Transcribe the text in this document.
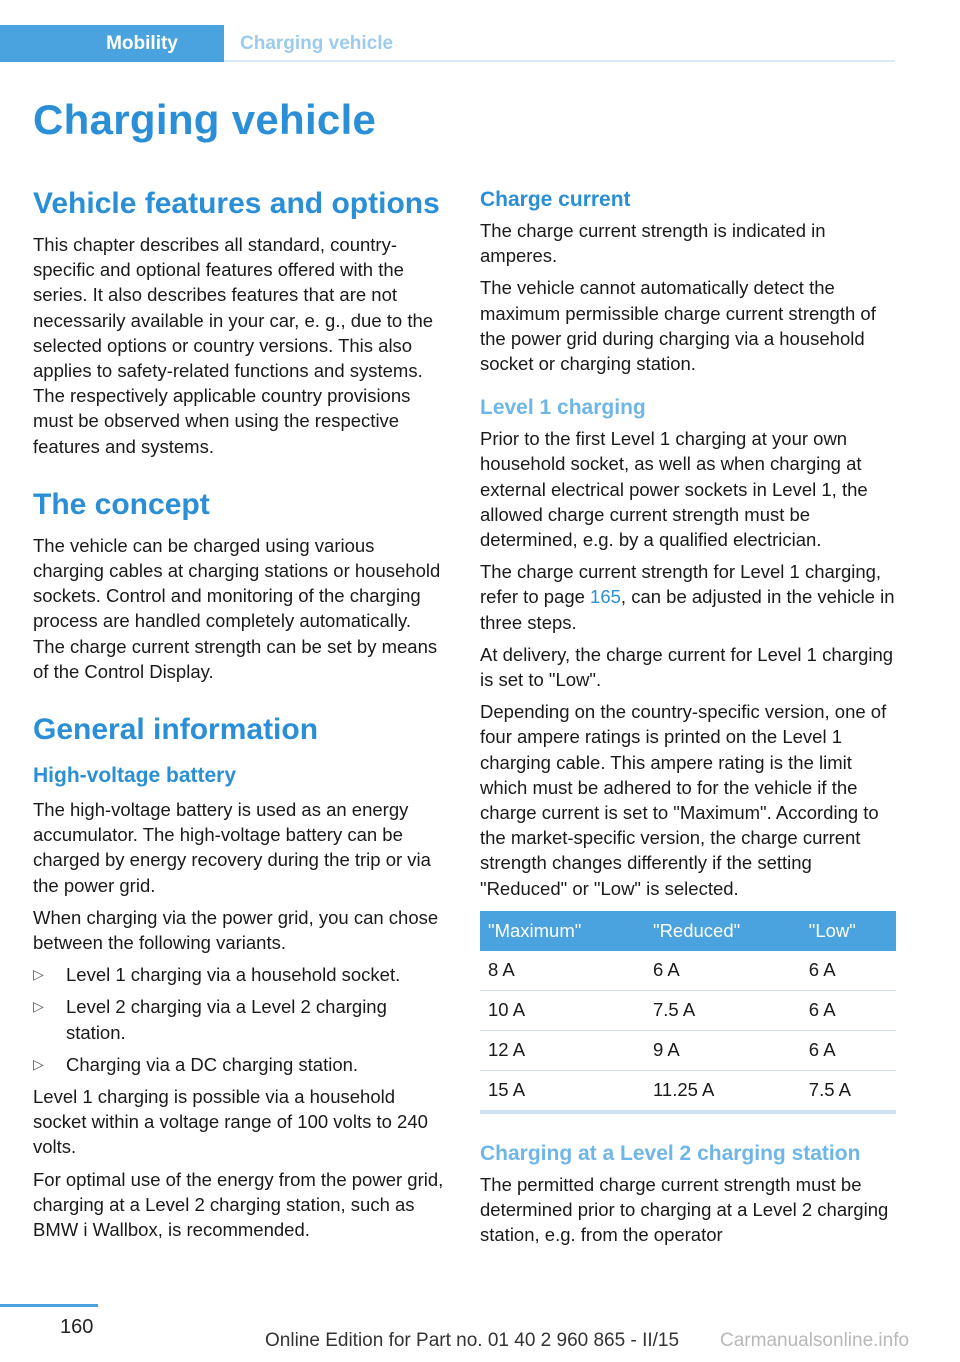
Mobility	Charging vehicle
Charging vehicle
Vehicle features and options

This chapter describes all standard, country-specific and optional features offered with the series. It also describes features that are not necessarily available in your car, e. g., due to the selected options or country versions. This also applies to safety-related functions and systems. The respectively applicable country provisions must be observed when using the respective features and systems.

The concept

The vehicle can be charged using various charging cables at charging stations or household sockets. Control and monitoring of the charging process are handled completely automatically. The charge current strength can be set by means of the Control Display.

General information
High-voltage battery

The high-voltage battery is used as an energy accumulator. The high-voltage battery can be charged by energy recovery during the trip or via the power grid.

When charging via the power grid, you can chose between the following variants.

▷ Level 1 charging via a household socket.
▷ Level 2 charging via a Level 2 charging station.
▷ Charging via a DC charging station.

Level 1 charging is possible via a household socket within a voltage range of 100 volts to 240 volts.

For optimal use of the energy from the power grid, charging at a Level 2 charging station, such as BMW i Wallbox, is recommended.

Charge current

The charge current strength is indicated in amperes.

The vehicle cannot automatically detect the maximum permissible charge current strength of the power grid during charging via a household socket or charging station.

Level 1 charging

Prior to the first Level 1 charging at your own household socket, as well as when charging at external electrical power sockets in Level 1, the allowed charge current strength must be determined, e.g. by a qualified electrician.

The charge current strength for Level 1 charging, refer to page 165, can be adjusted in the vehicle in three steps.

At delivery, the charge current for Level 1 charging is set to "Low".

Depending on the country-specific version, one of four ampere ratings is printed on the Level 1 charging cable. This ampere rating is the limit which must be adhered to for the vehicle if the charge current is set to "Maximum". According to the market-specific version, the charge current strength changes differently if the setting "Reduced" or "Low" is selected.

"Maximum"	"Reduced"	"Low"
8 A	6 A	6 A
10 A	7.5 A	6 A
12 A	9 A	6 A
15 A	11.25 A	7.5 A
Charging at a Level 2 charging station

The permitted charge current strength must be determined prior to charging at a Level 2 charging station, e.g. from the operator

160
Online Edition for Part no. 01 40 2 960 865 - II/15 Carmanualsonline.info
